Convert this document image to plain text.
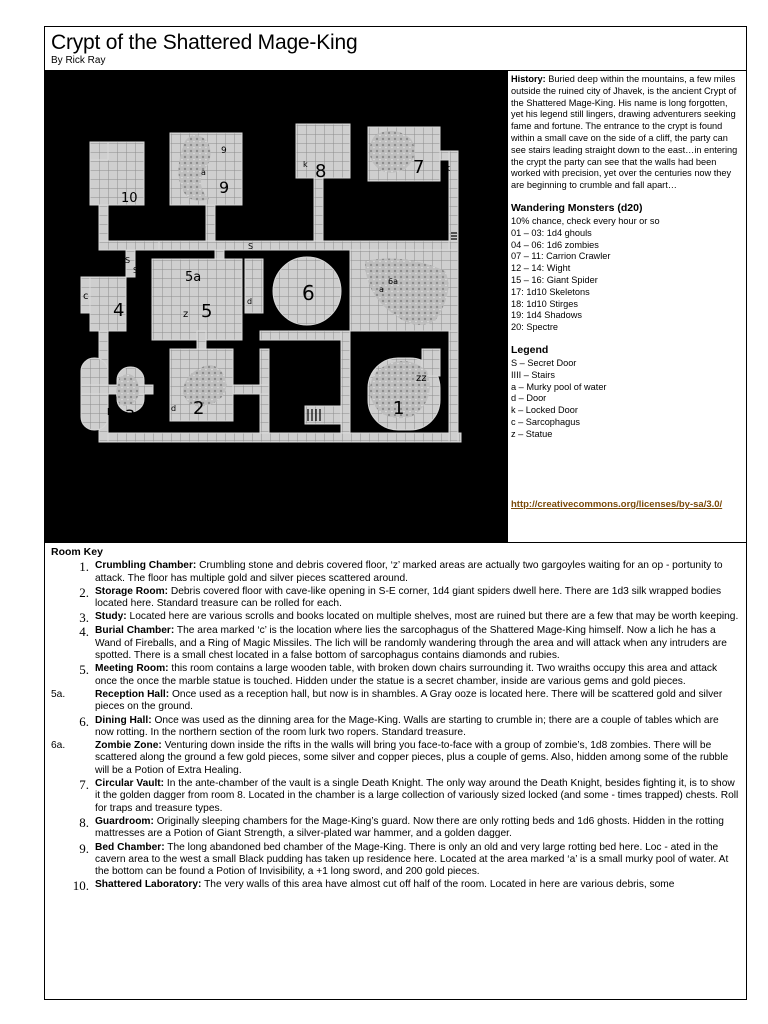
Crypt of the Shattered Mage-King
By Rick Ray
1
2
3
4	5
5a
6	6a
7
8
9
9
10
k
k
k
k
S
S
S
c	d
d
z
zz
a
a
History: Buried deep within the mountains, a few miles outside the ruined city of Jhavek, is the ancient Crypt of the Shattered Mage-King. His name is long forgotten, yet his legend still lingers, drawing adventurers seeking fame and fortune. The entrance to the crypt is found within a small cave on the side of a cliff, the party can see stairs leading straight down to the east…in entering the crypt the party can see that the walls had been worked with precision, yet over the centuries now they are beginning to crumble and fall apart…
Wandering Monsters (d20)
10% chance, check every hour or so
01 – 03: 1d4 ghouls
04 – 06: 1d6 zombies
07 – 11: Carrion Crawler
12 – 14: Wight
15 – 16: Giant Spider
17: 1d10 Skeletons
18: 1d10 Stirges
19: 1d4 Shadows
20: Spectre
Legend
S – Secret Door
IIII – Stairs
a – Murky pool of water
d – Door
k – Locked Door
c – Sarcophagus
z – Statue
http://creativecommons.org/licenses/by-sa/3.0/
Room Key
1. Crumbling Chamber: Crumbling stone and debris covered floor, ‘z’ marked areas are actually two gargoyles waiting for an op - portunity to attack. The floor has multiple gold and silver pieces scattered around.
2. Storage Room: Debris covered floor with cave-like opening in S-E corner, 1d4 giant spiders dwell here. There are 1d3 silk wrapped bodies located here. Standard treasure can be rolled for each.
3. Study: Located here are various scrolls and books located on multiple shelves, most are ruined but there are a few that may be worth keeping.
4. Burial Chamber: The area marked ‘c’ is the location where lies the sarcophagus of the Shattered Mage-King himself. Now a lich he has a Wand of Fireballs, and a Ring of Magic Missiles. The lich will be randomly wandering through the area and will attack when any intruders are spotted. There is a small chest located in a false bottom of sarcophagus contains diamonds and rubies.
5. Meeting Room: this room contains a large wooden table, with broken down chairs surrounding it. Two wraiths occupy this area and attack once the once the marble statue is touched. Hidden under the statue is a secret chamber, inside are various gems and gold pieces.
5a.	Reception Hall: Once used as a reception hall, but now is in shambles. A Gray ooze is located here. There will be scattered gold and silver pieces on the ground.
6. Dining Hall: Once was used as the dinning area for the Mage-King. Walls are starting to crumble in; there are a couple of tables which are now rotting. In the northern section of the room lurk two ropers. Standard treasure.
6a.	Zombie Zone: Venturing down inside the rifts in the walls will bring you face-to-face with a group of zombie’s, 1d8 zombies. There will be scattered along the ground a few gold pieces, some silver and copper pieces, plus a couple of gems. Also, hidden among some of the rubble will be a Potion of Extra Healing.
7. Circular Vault: In the ante-chamber of the vault is a single Death Knight. The only way around the Death Knight, besides fighting it, is to show it the golden dagger from room 8. Located in the chamber is a large collection of variously sized locked (and some - times trapped) chests. Roll for traps and treasure types.
8. Guardroom: Originally sleeping chambers for the Mage-King’s guard. Now there are only rotting beds and 1d6 ghosts. Hidden in the rotting mattresses are a Potion of Giant Strength, a silver-plated war hammer, and a golden dagger.
9. Bed Chamber: The long abandoned bed chamber of the Mage-King. There is only an old and very large rotting bed here. Loc - ated in the cavern area to the west a small Black pudding has taken up residence here. Located at the area marked ‘a’ is a small murky pool of water. At the bottom can be found a Potion of Invisibility, a +1 long sword, and 200 gold pieces.
10. Shattered Laboratory: The very walls of this area have almost cut off half of the room. Located in here are various debris, some
